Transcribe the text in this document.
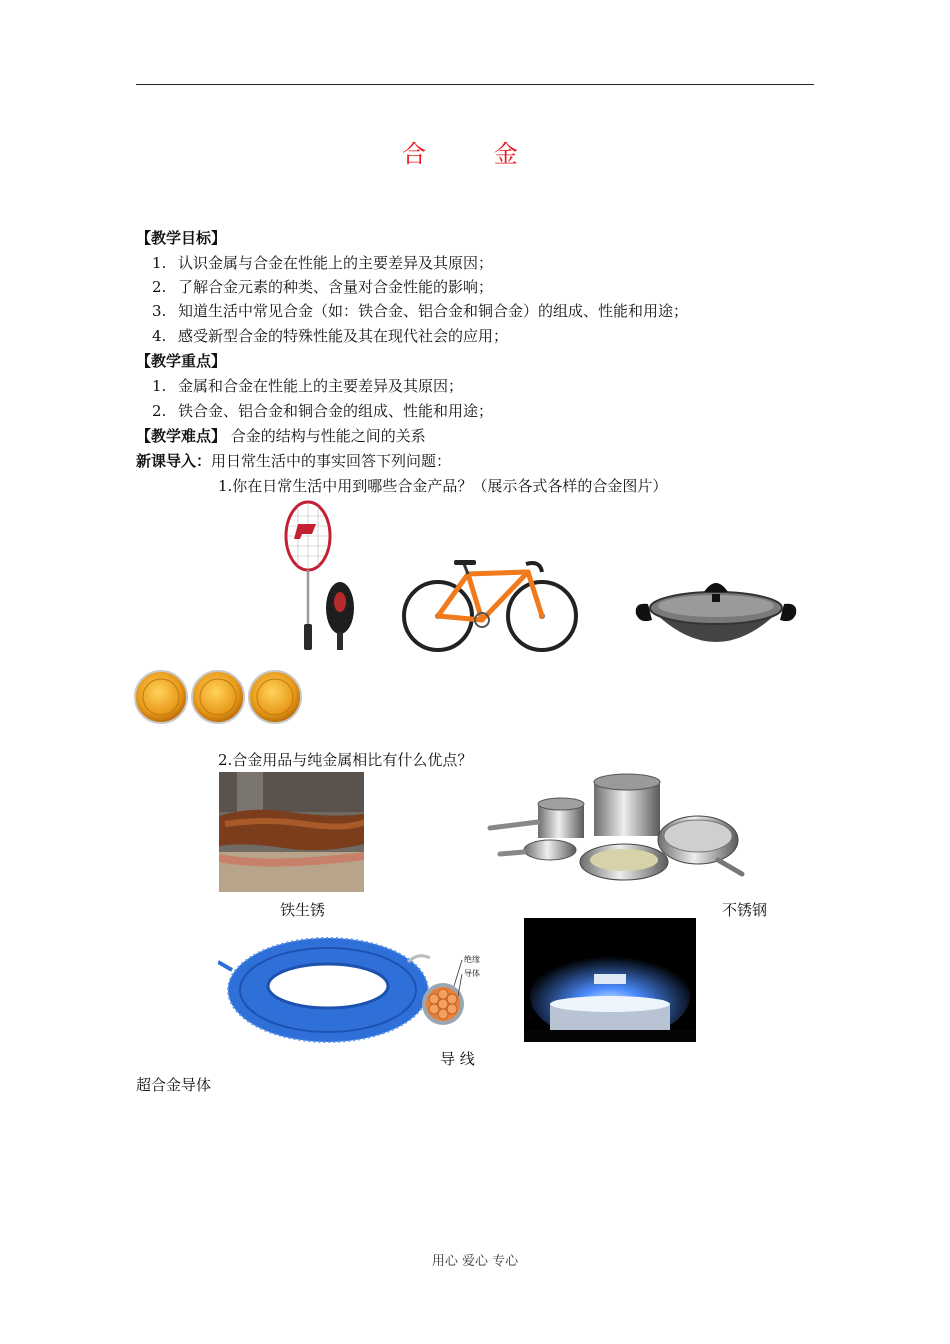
合 金
【教学目标】
1. 认识金属与合金在性能上的主要差异及其原因；
2. 了解合金元素的种类、含量对合金性能的影响；
3. 知道生活中常见合金（如：铁合金、铝合金和铜合金）的组成、性能和用途；
4. 感受新型合金的特殊性能及其在现代社会的应用；
【教学重点】
1. 金属和合金在性能上的主要差异及其原因；
2. 铁合金、铝合金和铜合金的组成、性能和用途；
【教学难点】 合金的结构与性能之间的关系
新课导入：用日常生活中的事实回答下列问题：
1.你在日常生活中用到哪些合金产品？（展示各式各样的合金图片）
2.合金用品与纯金属相比有什么优点？
铁生锈	不锈钢
绝缘
导体
导 线
超合金导体
用心 爱心 专心
